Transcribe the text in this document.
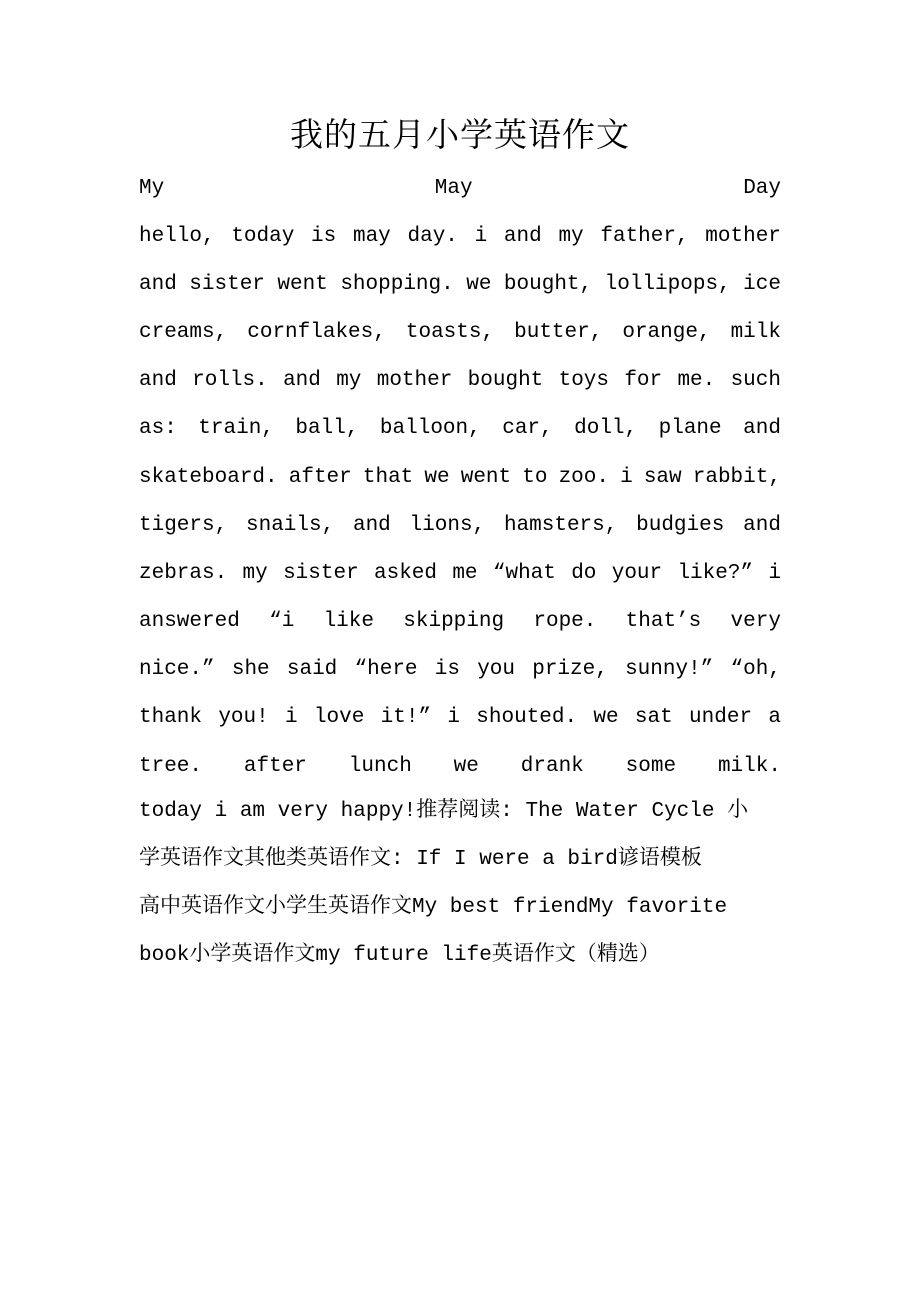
我的五月小学英语作文
My	May	Day
hello, today is may day. i and my father, mother
and sister went shopping. we bought, lollipops, ice
creams, cornflakes, toasts, butter, orange, milk
and rolls. and my mother bought toys for me. such
as: train, ball, balloon, car, doll, plane and
skateboard. after that we went to zoo. i saw rabbit,
tigers, snails, and lions, hamsters, budgies and
zebras. my sister asked me “what do your like?” i
answered “i like skipping rope. that’s very
nice.” she said “here is you prize, sunny!” “oh,
thank you! i love it!” i shouted. we sat under a
tree. after lunch we drank some milk.
today i am very happy!推荐阅读: The Water Cycle 小
学英语作文其他类英语作文: If I were a bird谚语模板
高中英语作文小学生英语作文My best friendMy favorite
book小学英语作文my future life英语作文（精选）
